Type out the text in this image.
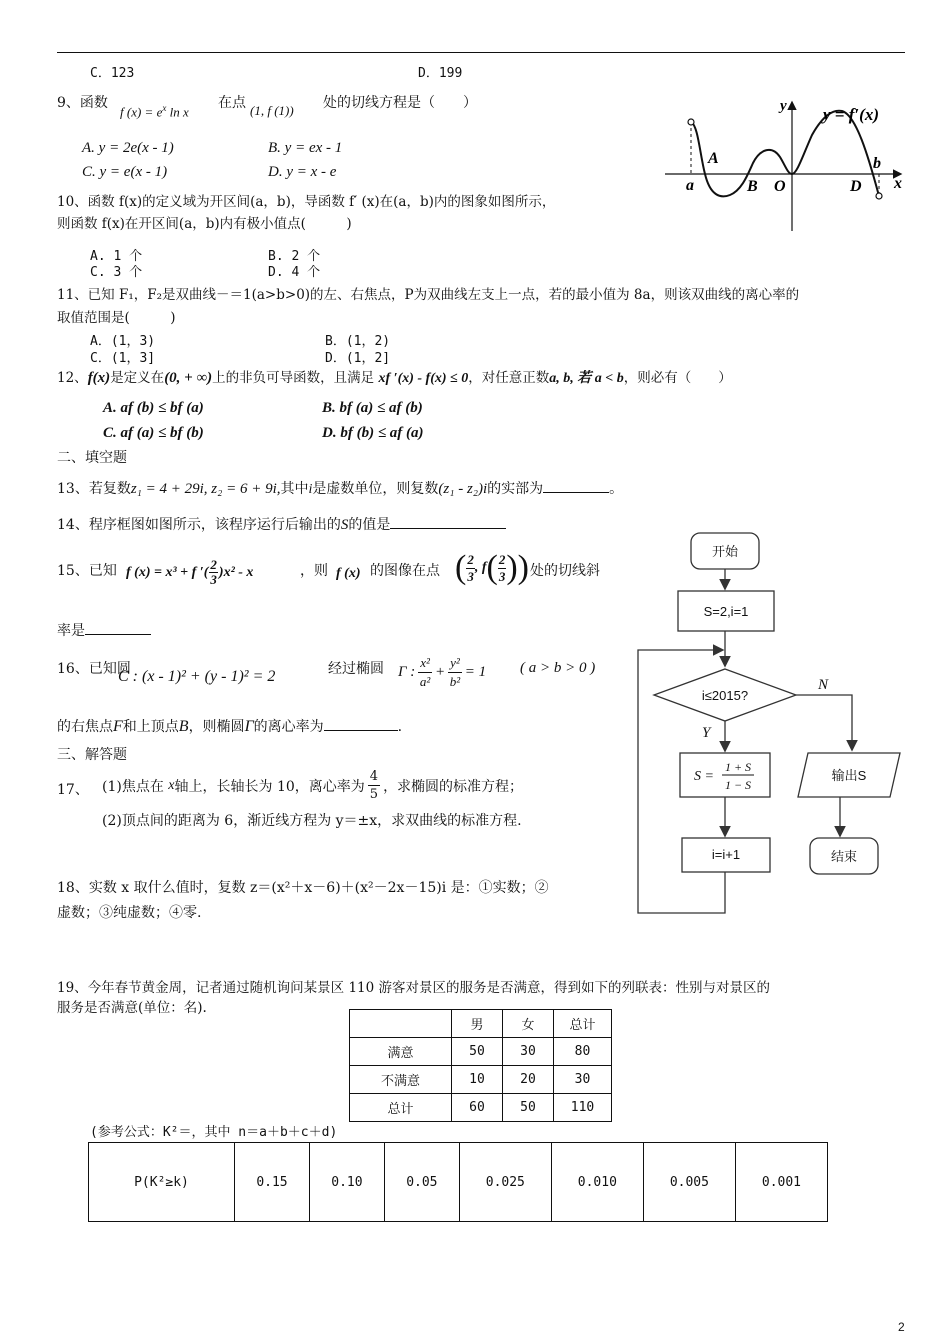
C．123	D．199
9、函数
f $(x) = e^x$ ln x
在点 (1, f (1)) 处的切线方程是（　　）
A. y = 2e(x - 1)	B. y = ex - 1
C. y = e(x - 1)	D. y = x - e
10、函数 f(x)的定义域为开区间(a，b)，导函数 f′ (x)在(a，b)内的图象如图所示，
则函数 f(x)在开区间(a，b)内有极小值点(　　　)
A. 1 个	B. 2 个
C. 3 个	D. 4 个
y = f′(x)
y
x
a
A
B O	D
b
11、已知 F₁，F₂是双曲线－＝1(a>b>0)的左、右焦点，P为双曲线左支上一点，若的最小值为 8a，则该双曲线的离心率的
取值范围是(　　　)
A．(1，3)	B．(1，2)
C．(1，3]	D．(1，2]
12、f(x)是定义在(0, + ∞)上的非负可导函数，且满足 xf ′(x) - f(x) ≤ 0，对任意正数a, b, 若 a < b，则必有（　　）
A. af (b) ≤ bf (a)	B. bf (a) ≤ af (b)
C. af (a) ≤ bf (b)	D. bf (b) ≤ af (a)
二、填空题
13、若复数z₁ = 4 + 29i, z₂ = 6 + 9i,其中i是虚数单位，则复数(z₁ - z₂)i的实部为	。
14、程序框图如图所示，该程序运行后输出的S的值是
15、已知 f (x) = x³ + f ′( 2
3 )x² - x	，则 f (x) 的图像在点 ( 2
3
, f ( 2
3 ) ) 处的切线斜
率是
16、已知圆
C : (x - 1)² + (y - 1)² = 2	经过椭圆 Γ :
x²
a²
+ $\frac{\text{y²}}{\text{b²}} = 1$ ( a > b > 0 )
的右焦点F和上顶点B，则椭圆Γ的离心率为	.
三、解答题
17、 (1)焦点在
x 轴上，长轴长为 10，离心率为
4
5 ，求椭圆的标准方程；
(2)顶点间的距离为 6，渐近线方程为 y＝±x，求双曲线的标准方程.
18、实数 x 取什么值时，复数 z＝(x²＋x－6)＋(x²－2x－15)i 是：①实数；②
虚数；③纯虚数；④零.
开始
S=2,i=1
i≤2015?
Y
N
S =
1 + S
1 − S
输出S
i=i+1	结束
19、今年春节黄金周，记者通过随机询问某景区 110 游客对景区的服务是否满意，得到如下的列联表：性别与对景区的
服务是否满意(单位：名).
	男	女	总计
满意	50	30	80
不满意	10	20	30
总计	60	50	110
(参考公式：K²＝，其中 n＝a＋b＋c＋d)
P(K²≥k)	0.15	0.10	0.05	0.025	0.010	0.005	0.001
2
